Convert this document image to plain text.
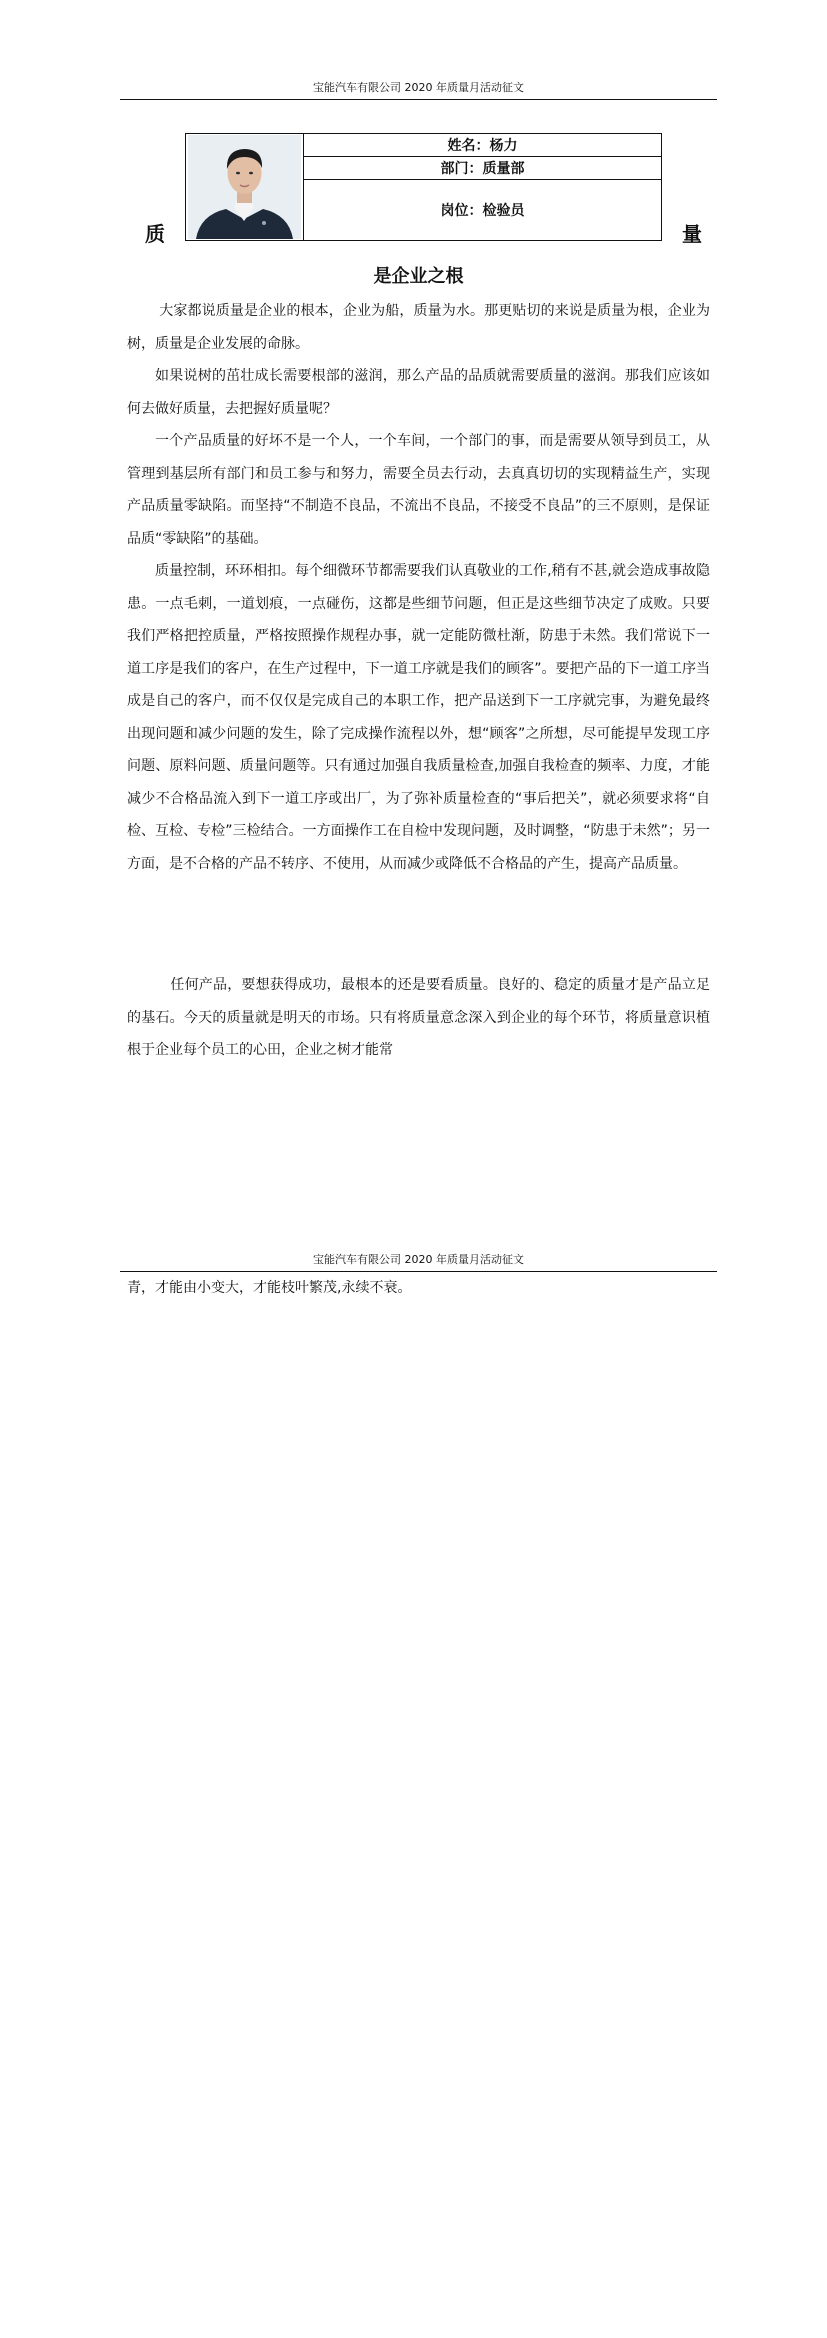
宝能汽车有限公司 2020 年质量月活动征文
质	量
姓名：杨力
部门：质量部
岗位：检验员
是企业之根

大家都说质量是企业的根本，企业为船，质量为水。那更贴切的来说是质量为根，企业为树，质量是企业发展的命脉。

如果说树的茁壮成长需要根部的滋润，那么产品的品质就需要质量的滋润。那我们应该如何去做好质量，去把握好质量呢？

一个产品质量的好坏不是一个人，一个车间，一个部门的事，而是需要从领导到员工，从管理到基层所有部门和员工参与和努力，需要全员去行动，去真真切切的实现精益生产，实现产品质量零缺陷。而坚持“不制造不良品，不流出不良品，不接受不良品”的三不原则，是保证品质“零缺陷”的基础。

质量控制，环环相扣。每个细微环节都需要我们认真敬业的工作,稍有不甚,就会造成事故隐患。一点毛刺，一道划痕，一点碰伤，这都是些细节问题，但正是这些细节决定了成败。只要我们严格把控质量，严格按照操作规程办事，就一定能防微杜渐，防患于未然。我们常说下一道工序是我们的客户，在生产过程中，下一道工序就是我们的顾客”。要把产品的下一道工序当成是自己的客户，而不仅仅是完成自己的本职工作，把产品送到下一工序就完事，为避免最终出现问题和减少问题的发生，除了完成操作流程以外，想“顾客”之所想，尽可能提早发现工序问题、原料问题、质量问题等。只有通过加强自我质量检查,加强自我检查的频率、力度，才能减少不合格品流入到下一道工序或出厂，为了弥补质量检查的“事后把关”，就必须要求将“自检、互检、专检”三检结合。一方面操作工在自检中发现问题，及时调整，“防患于未然”；另一方面，是不合格的产品不转序、不使用，从而减少或降低不合格品的产生，提高产品质量。

任何产品，要想获得成功，最根本的还是要看质量。良好的、稳定的质量才是产品立足的基石。今天的质量就是明天的市场。只有将质量意念深入到企业的每个环节，将质量意识植根于企业每个员工的心田，企业之树才能常

宝能汽车有限公司 2020 年质量月活动征文

青，才能由小变大，才能枝叶繁茂,永续不衰。
